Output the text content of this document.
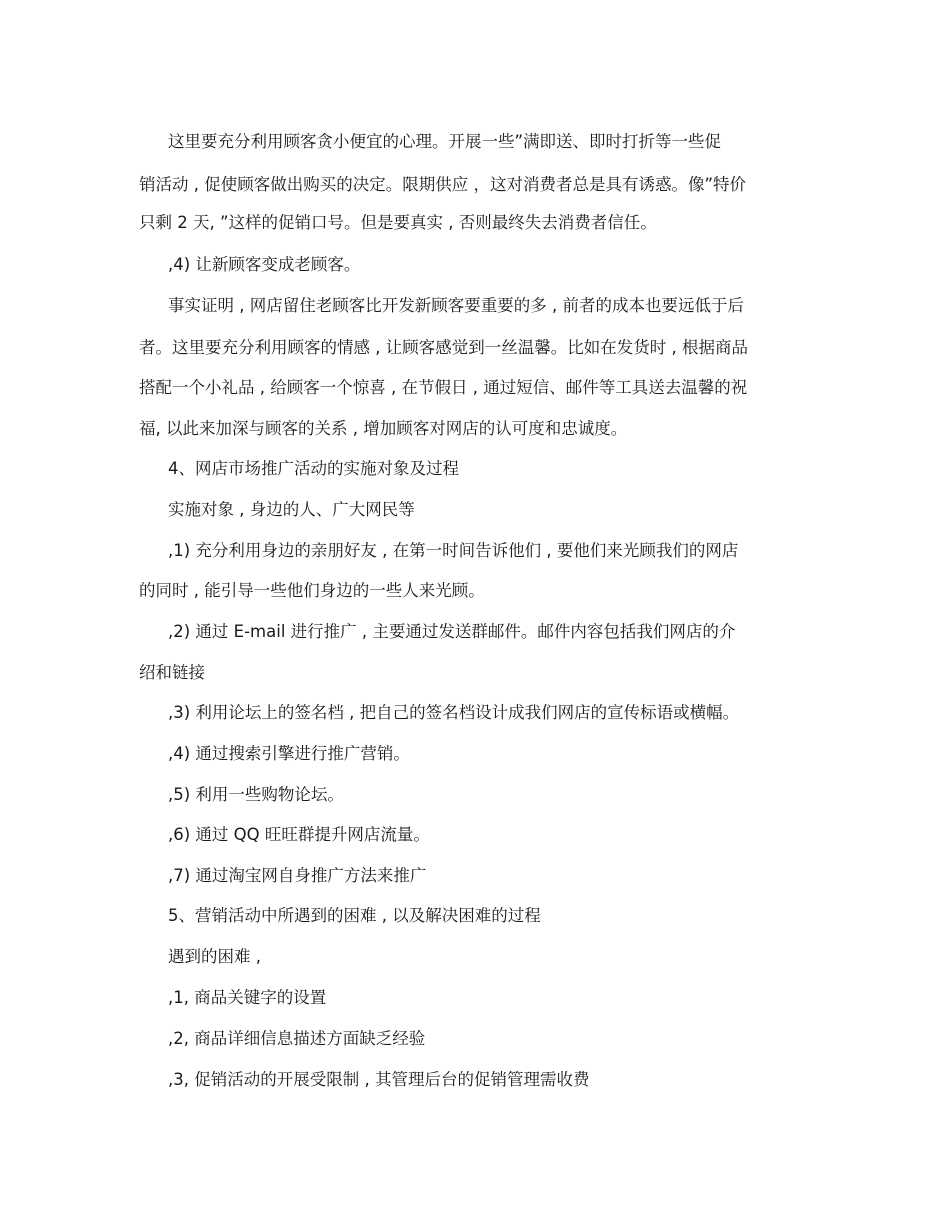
这里要充分利用顾客贪小便宜的心理。开展一些”满即送、即时打折等一些促
销活动 , 促使顾客做出购买的决定。限期供应 ，这对消费者总是具有诱惑。像”特价
只剩 2 天, ”这样的促销口号。但是要真实 , 否则最终失去消费者信任。
,4) 让新顾客变成老顾客。
事实证明 , 网店留住老顾客比开发新顾客要重要的多 , 前者的成本也要远低于后
者。这里要充分利用顾客的情感 , 让顾客感觉到一丝温馨。比如在发货时 , 根据商品
搭配一个小礼品 , 给顾客一个惊喜 , 在节假日 , 通过短信、邮件等工具送去温馨的祝
福, 以此来加深与顾客的关系 , 增加顾客对网店的认可度和忠诚度。
4、网店市场推广活动的实施对象及过程
实施对象 , 身边的人、广大网民等
,1) 充分利用身边的亲朋好友 , 在第一时间告诉他们 , 要他们来光顾我们的网店
的同时 , 能引导一些他们身边的一些人来光顾。
,2) 通过 E-mail 进行推广 , 主要通过发送群邮件。邮件内容包括我们网店的介
绍和链接
,3) 利用论坛上的签名档 , 把自己的签名档设计成我们网店的宣传标语或横幅。
,4) 通过搜索引擎进行推广营销。
,5) 利用一些购物论坛。
,6) 通过 QQ 旺旺群提升网店流量。
,7) 通过淘宝网自身推广方法来推广
5、营销活动中所遇到的困难 , 以及解决困难的过程
遇到的困难 ,
,1, 商品关键字的设置
,2, 商品详细信息描述方面缺乏经验
,3, 促销活动的开展受限制 , 其管理后台的促销管理需收费
